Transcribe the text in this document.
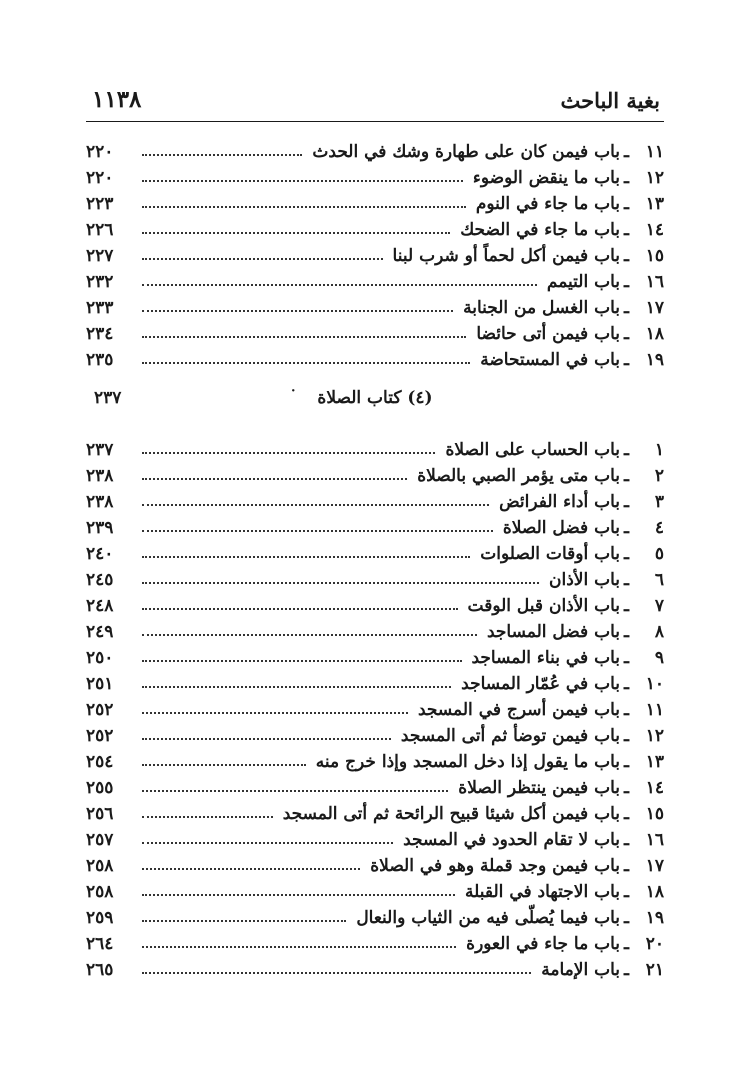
بغية الباحث
١١٣٨
١١
ـ
باب فيمن كان على طهارة وشك في الحدث
٢٢٠
١٢
ـ
باب ما ينقض الوضوء
٢٢٠
١٣
ـ
باب ما جاء في النوم
٢٢٣
١٤
ـ
باب ما جاء في الضحك
٢٢٦
١٥
ـ
باب فيمن أكل لحماً أو شرب لبنا
٢٢٧
١٦
ـ
باب التيمم
٢٣٢
١٧
ـ
باب الغسل من الجنابة
٢٣٣
١٨
ـ
باب فيمن أتى حائضا
٢٣٤
١٩
ـ
باب في المستحاضة
٢٣٥
(٤) كتاب الصلاة
·
٢٣٧
١
ـ
باب الحساب على الصلاة
٢٣٧
٢
ـ
باب متى يؤمر الصبي بالصلاة
٢٣٨
٣
ـ
باب أداء الفرائض
٢٣٨
٤
ـ
باب فضل الصلاة
٢٣٩
٥
ـ
باب أوقات الصلوات
٢٤٠
٦
ـ
باب الأذان
٢٤٥
٧
ـ
باب الأذان قبل الوقت
٢٤٨
٨
ـ
باب فضل المساجد
٢٤٩
٩
ـ
باب في بناء المساجد
٢٥٠
١٠
ـ
باب في عُمّار المساجد
٢٥١
١١
ـ
باب فيمن أسرج في المسجد
٢٥٢
١٢
ـ
باب فيمن توضأ ثم أتى المسجد
٢٥٢
١٣
ـ
باب ما يقول إذا دخل المسجد وإذا خرج منه
٢٥٤
١٤
ـ
باب فيمن ينتظر الصلاة
٢٥٥
١٥
ـ
باب فيمن أكل شيئا قبيح الرائحة ثم أتى المسجد
٢٥٦
١٦
ـ
باب لا تقام الحدود في المسجد
٢٥٧
١٧
ـ
باب فيمن وجد قملة وهو في الصلاة
٢٥٨
١٨
ـ
باب الاجتهاد في القبلة
٢٥٨
١٩
ـ
باب فيما يُصلّى فيه من الثياب والنعال
٢٥٩
٢٠
ـ
باب ما جاء في العورة
٢٦٤
٢١
ـ
باب الإمامة
٢٦٥
